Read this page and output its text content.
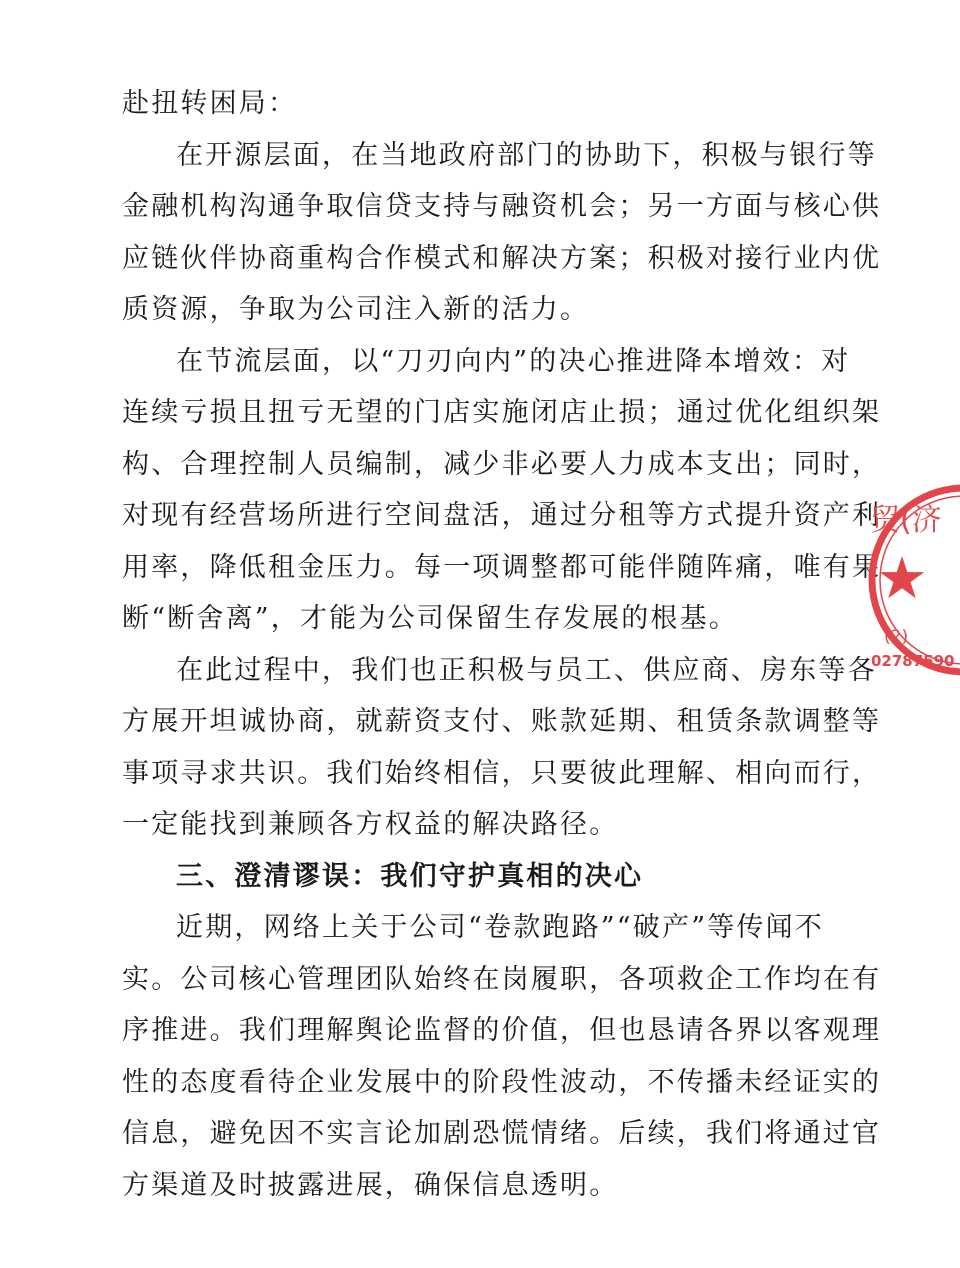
赴扭转困局：
在开源层面，在当地政府部门的协助下，积极与银行等
金融机构沟通争取信贷支持与融资机会；另一方面与核心供
应链伙伴协商重构合作模式和解决方案；积极对接行业内优
质资源，争取为公司注入新的活力。
在节流层面，以“刀刃向内”的决心推进降本增效：对
连续亏损且扭亏无望的门店实施闭店止损；通过优化组织架
构、合理控制人员编制，减少非必要人力成本支出；同时，
对现有经营场所进行空间盘活，通过分租等方式提升资产利
用率，降低租金压力。每一项调整都可能伴随阵痛，唯有果
断“断舍离”，才能为公司保留生存发展的根基。
在此过程中，我们也正积极与员工、供应商、房东等各
方展开坦诚协商，就薪资支付、账款延期、租赁条款调整等
事项寻求共识。我们始终相信，只要彼此理解、相向而行，
一定能找到兼顾各方权益的解决路径。
三、澄清谬误：我们守护真相的决心
近期，网络上关于公司“卷款跑路”“破产”等传闻不
实。公司核心管理团队始终在岗履职，各项救企工作均在有
序推进。我们理解舆论监督的价值，但也恳请各界以客观理
性的态度看待企业发展中的阶段性波动，不传播未经证实的
信息，避免因不实言论加剧恐慌情绪。后续，我们将通过官
方渠道及时披露进展，确保信息透明。
贸(济
★
(2)
02787590
